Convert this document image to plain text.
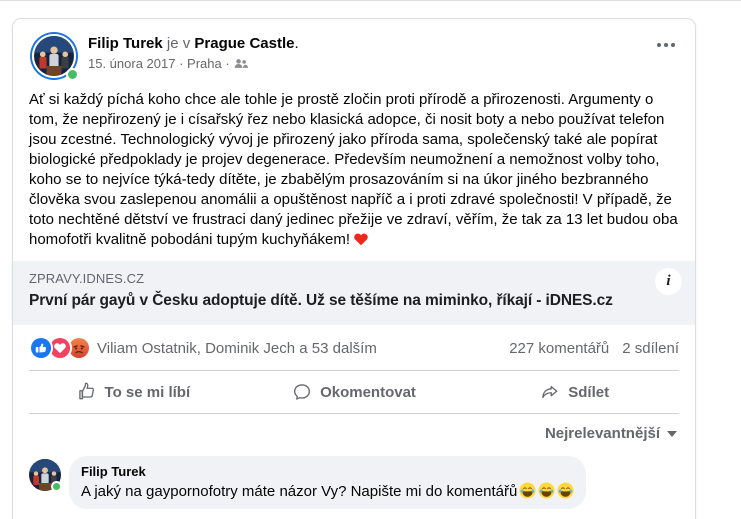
Filip Turek je v Prague Castle.
15. února 2017 · Praha ·
Ať si každý píchá koho chce ale tohle je prostě zločin proti přírodě a přirozenosti. Argumenty o tom, že nepřirozený je i císařský řez nebo klasická adopce, či nosit boty a nebo používat telefon jsou zcestné. Technologický vývoj je přirozený jako příroda sama, společenský také ale popírat biologické předpoklady je projev degenerace. Především neumožnení a nemožnost volby toho, koho se to nejvíce týká-tedy dítěte, je zbabělým prosazováním si na úkor jiného bezbranného člověka svou zaslepenou anomálii a opuštěnost napříč a i proti zdravé společnosti! V případě, že toto nechtěné dětství ve frustraci daný jedinec přežije ve zdraví, věřím, že tak za 13 let budou oba homofotři kvalitně pobodáni tupým kuchyňákem!
ZPRAVY.IDNES.CZ
První pár gayů v Česku adoptuje dítě. Už se těšíme na miminko, říkají - iDNES.cz
i
Viliam Ostatnik, Dominik Jech a 53 dalším	227 komentářů 2 sdílení
To se mi líbí	Okomentovat	Sdílet
Nejrelevantnější
Filip Turek
A jaký na gaypornofotry máte názor Vy? Napište mi do komentářů
